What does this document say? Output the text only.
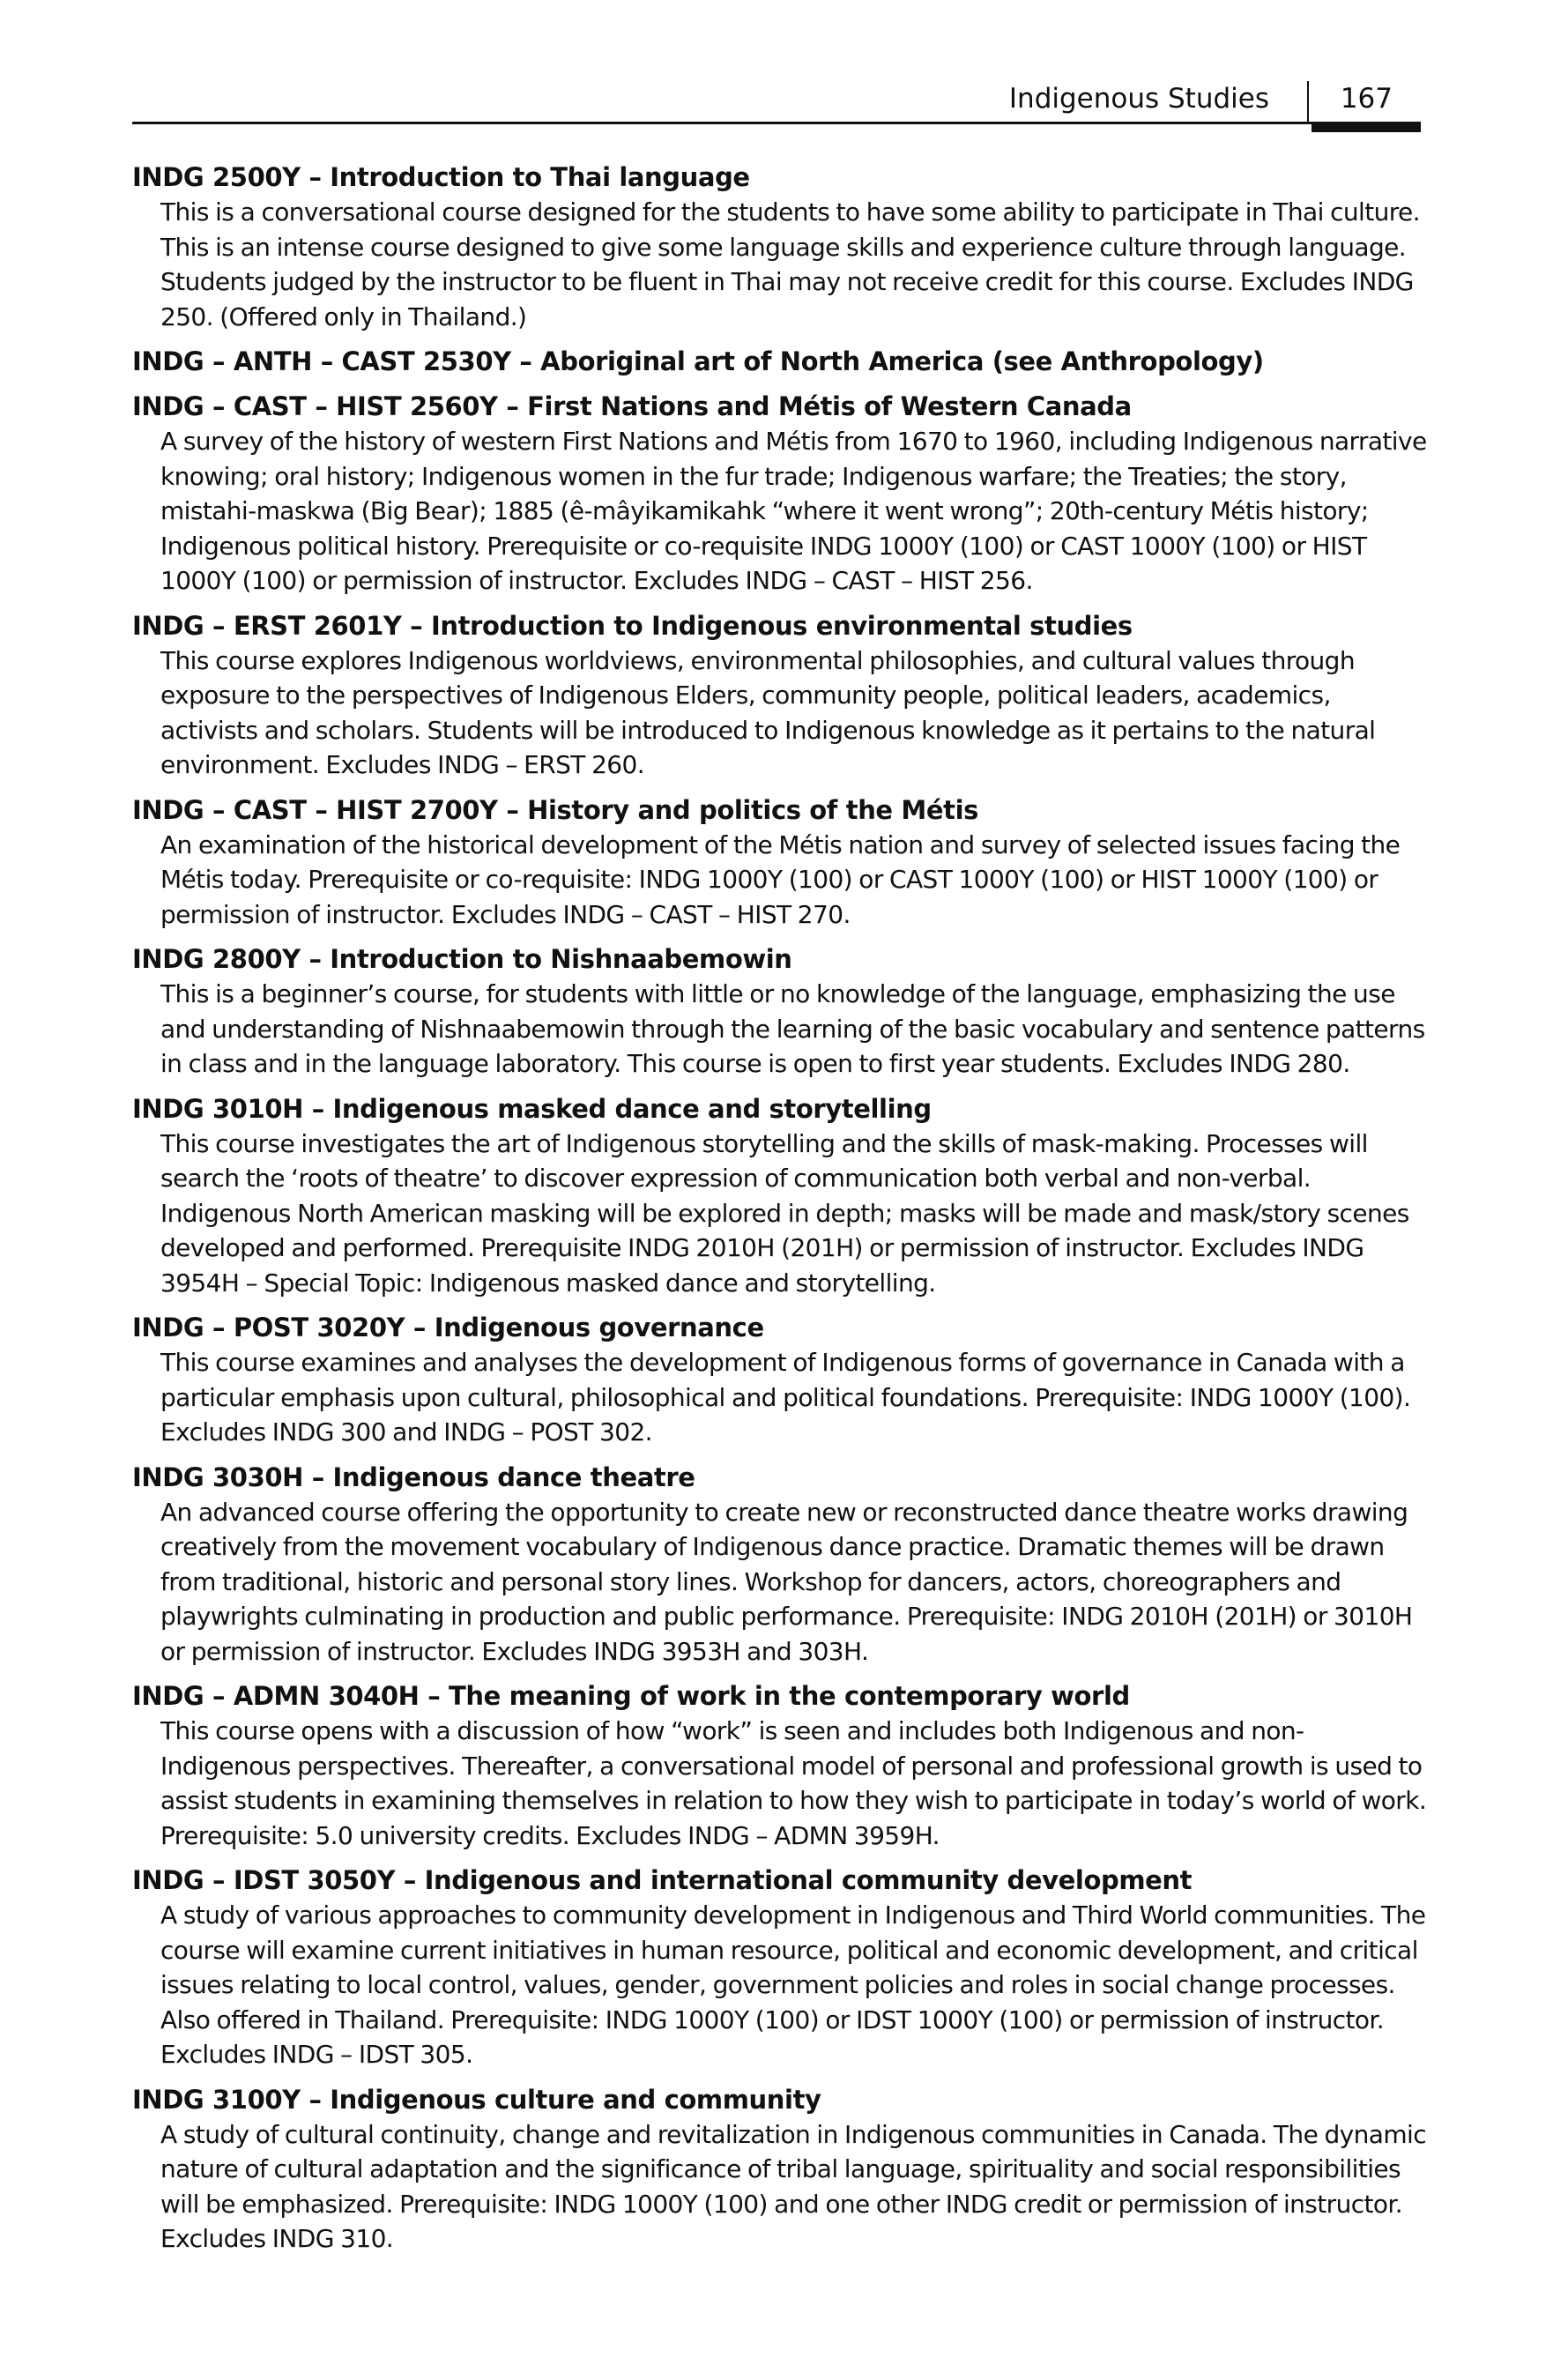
Indigenous Studies	167
INDG 2500Y – Introduction to Thai language
This is a conversational course designed for the students to have some ability to participate in Thai culture. This is an intense course designed to give some language skills and experience culture through language. Students judged by the instructor to be fluent in Thai may not receive credit for this course. Excludes INDG 250. (Offered only in Thailand.)
INDG – ANTH – CAST 2530Y – Aboriginal art of North America (see Anthropology)
INDG – CAST – HIST 2560Y – First Nations and Métis of Western Canada
A survey of the history of western First Nations and Métis from 1670 to 1960, including Indigenous narrative knowing; oral history; Indigenous women in the fur trade; Indigenous warfare; the Treaties; the story, mistahi-maskwa (Big Bear); 1885 (ê-mâyikamikahk “where it went wrong”; 20th-century Métis history; Indigenous political history. Prerequisite or co-requisite INDG 1000Y (100) or CAST 1000Y (100) or HIST 1000Y (100) or permission of instructor. Excludes INDG – CAST – HIST 256.
INDG – ERST 2601Y – Introduction to Indigenous environmental studies
This course explores Indigenous worldviews, environmental philosophies, and cultural values through exposure to the perspectives of Indigenous Elders, community people, political leaders, academics, activists and scholars. Students will be introduced to Indigenous knowledge as it pertains to the natural environment. Excludes INDG – ERST 260.
INDG – CAST – HIST 2700Y – History and politics of the Métis
An examination of the historical development of the Métis nation and survey of selected issues facing the Métis today. Prerequisite or co-requisite: INDG 1000Y (100) or CAST 1000Y (100) or HIST 1000Y (100) or permission of instructor. Excludes INDG – CAST – HIST 270.
INDG 2800Y – Introduction to Nishnaabemowin
This is a beginner’s course, for students with little or no knowledge of the language, emphasizing the use and understanding of Nishnaabemowin through the learning of the basic vocabulary and sentence patterns in class and in the language laboratory. This course is open to first year students. Excludes INDG 280.
INDG 3010H – Indigenous masked dance and storytelling
This course investigates the art of Indigenous storytelling and the skills of mask-making. Processes will search the ‘roots of theatre’ to discover expression of communication both verbal and non-verbal. Indigenous North American masking will be explored in depth; masks will be made and mask/story scenes developed and performed. Prerequisite INDG 2010H (201H) or permission of instructor. Excludes INDG 3954H – Special Topic: Indigenous masked dance and storytelling.
INDG – POST 3020Y – Indigenous governance
This course examines and analyses the development of Indigenous forms of governance in Canada with a particular emphasis upon cultural, philosophical and political foundations. Prerequisite: INDG 1000Y (100). Excludes INDG 300 and INDG – POST 302.
INDG 3030H – Indigenous dance theatre
An advanced course offering the opportunity to create new or reconstructed dance theatre works drawing creatively from the movement vocabulary of Indigenous dance practice. Dramatic themes will be drawn from traditional, historic and personal story lines. Workshop for dancers, actors, choreographers and playwrights culminating in production and public performance. Prerequisite: INDG 2010H (201H) or 3010H or permission of instructor. Excludes INDG 3953H and 303H.
INDG – ADMN 3040H – The meaning of work in the contemporary world
This course opens with a discussion of how “work” is seen and includes both Indigenous and non-Indigenous perspectives. Thereafter, a conversational model of personal and professional growth is used to assist students in examining themselves in relation to how they wish to participate in today’s world of work. Prerequisite: 5.0 university credits. Excludes INDG – ADMN 3959H.
INDG – IDST 3050Y – Indigenous and international community development
A study of various approaches to community development in Indigenous and Third World communities. The course will examine current initiatives in human resource, political and economic development, and critical issues relating to local control, values, gender, government policies and roles in social change processes. Also offered in Thailand. Prerequisite: INDG 1000Y (100) or IDST 1000Y (100) or permission of instructor. Excludes INDG – IDST 305.
INDG 3100Y – Indigenous culture and community
A study of cultural continuity, change and revitalization in Indigenous communities in Canada. The dynamic nature of cultural adaptation and the significance of tribal language, spirituality and social responsibilities will be emphasized. Prerequisite: INDG 1000Y (100) and one other INDG credit or permission of instructor. Excludes INDG 310.
